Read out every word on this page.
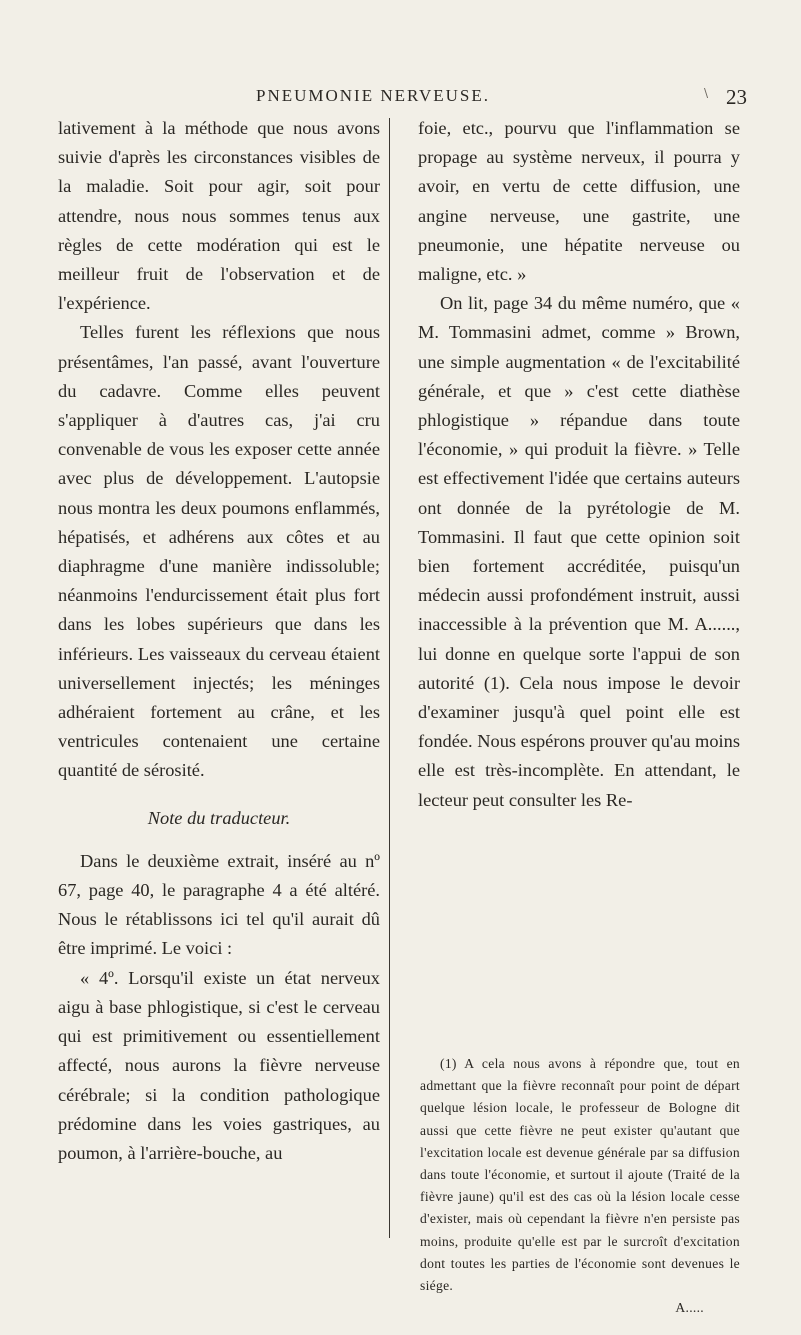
PNEUMONIE NERVEUSE.	\ 23

lativement à la méthode que nous avons suivie d'après les circonstances visibles de la maladie. Soit pour agir, soit pour attendre, nous nous sommes tenus aux règles de cette modération qui est le meilleur fruit de l'observation et de l'expérience.

Telles furent les réflexions que nous présentâmes, l'an passé, avant l'ouverture du cadavre. Comme elles peuvent s'appliquer à d'autres cas, j'ai cru convenable de vous les exposer cette année avec plus de développement. L'autopsie nous montra les deux poumons enflammés, hépatisés, et adhérens aux côtes et au diaphragme d'une manière indissoluble; néanmoins l'endurcissement était plus fort dans les lobes supérieurs que dans les inférieurs. Les vaisseaux du cerveau étaient universellement injectés; les méninges adhéraient fortement au crâne, et les ventricules contenaient une certaine quantité de sérosité.

Note du traducteur.

Dans le deuxième extrait, inséré au nº 67, page 40, le paragraphe 4 a été altéré. Nous le rétablissons ici tel qu'il aurait dû être imprimé. Le voici :

« 4º. Lorsqu'il existe un état nerveux aigu à base phlogistique, si c'est le cerveau qui est primitivement ou essentiellement affecté, nous aurons la fièvre nerveuse cérébrale; si la condition pathologique prédomine dans les voies gastriques, au poumon, à l'arrière-bouche, au

foie, etc., pourvu que l'inflammation se propage au système nerveux, il pourra y avoir, en vertu de cette diffusion, une angine nerveuse, une gastrite, une pneumonie, une hépatite nerveuse ou maligne, etc. »

On lit, page 34 du même numéro, que « M. Tommasini admet, comme » Brown, une simple augmentation « de l'excitabilité générale, et que » c'est cette diathèse phlogistique » répandue dans toute l'économie, » qui produit la fièvre. » Telle est effectivement l'idée que certains auteurs ont donnée de la pyrétologie de M. Tommasini. Il faut que cette opinion soit bien fortement accréditée, puisqu'un médecin aussi profondément instruit, aussi inaccessible à la prévention que M. A......, lui donne en quelque sorte l'appui de son autorité (1). Cela nous impose le devoir d'examiner jusqu'à quel point elle est fondée. Nous espérons prouver qu'au moins elle est très-incomplète. En attendant, le lecteur peut consulter les Re-

(1) A cela nous avons à répondre que, tout en admettant que la fièvre reconnaît pour point de départ quelque lésion locale, le professeur de Bologne dit aussi que cette fièvre ne peut exister qu'autant que l'excitation locale est devenue générale par sa diffusion dans toute l'économie, et surtout il ajoute (Traité de la fièvre jaune) qu'il est des cas où la lésion locale cesse d'exister, mais où cependant la fièvre n'en persiste pas moins, produite qu'elle est par le surcroît d'excitation dont toutes les parties de l'économie sont devenues le siége.

A.....
